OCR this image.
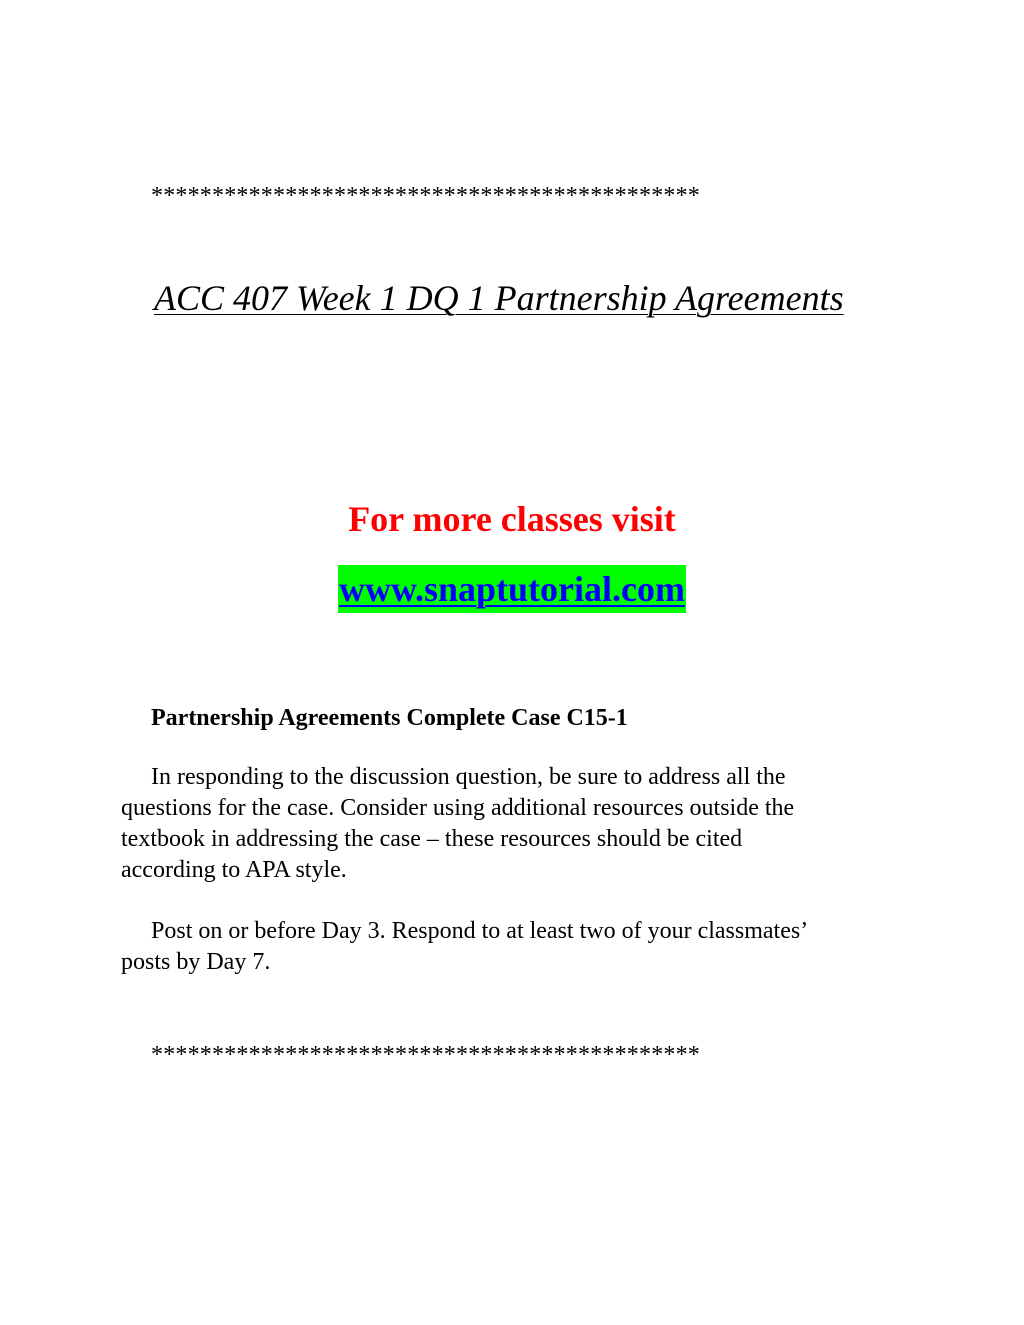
*********************************************
ACC 407 Week 1 DQ 1 Partnership Agreements
For more classes visit
www.snaptutorial.com
Partnership Agreements Complete Case C15-1

In responding to the discussion question, be sure to address all the
questions for the case. Consider using additional resources outside the
textbook in addressing the case – these resources should be cited
according to APA style.

Post on or before Day 3. Respond to at least two of your classmates’
posts by Day 7.

*********************************************
